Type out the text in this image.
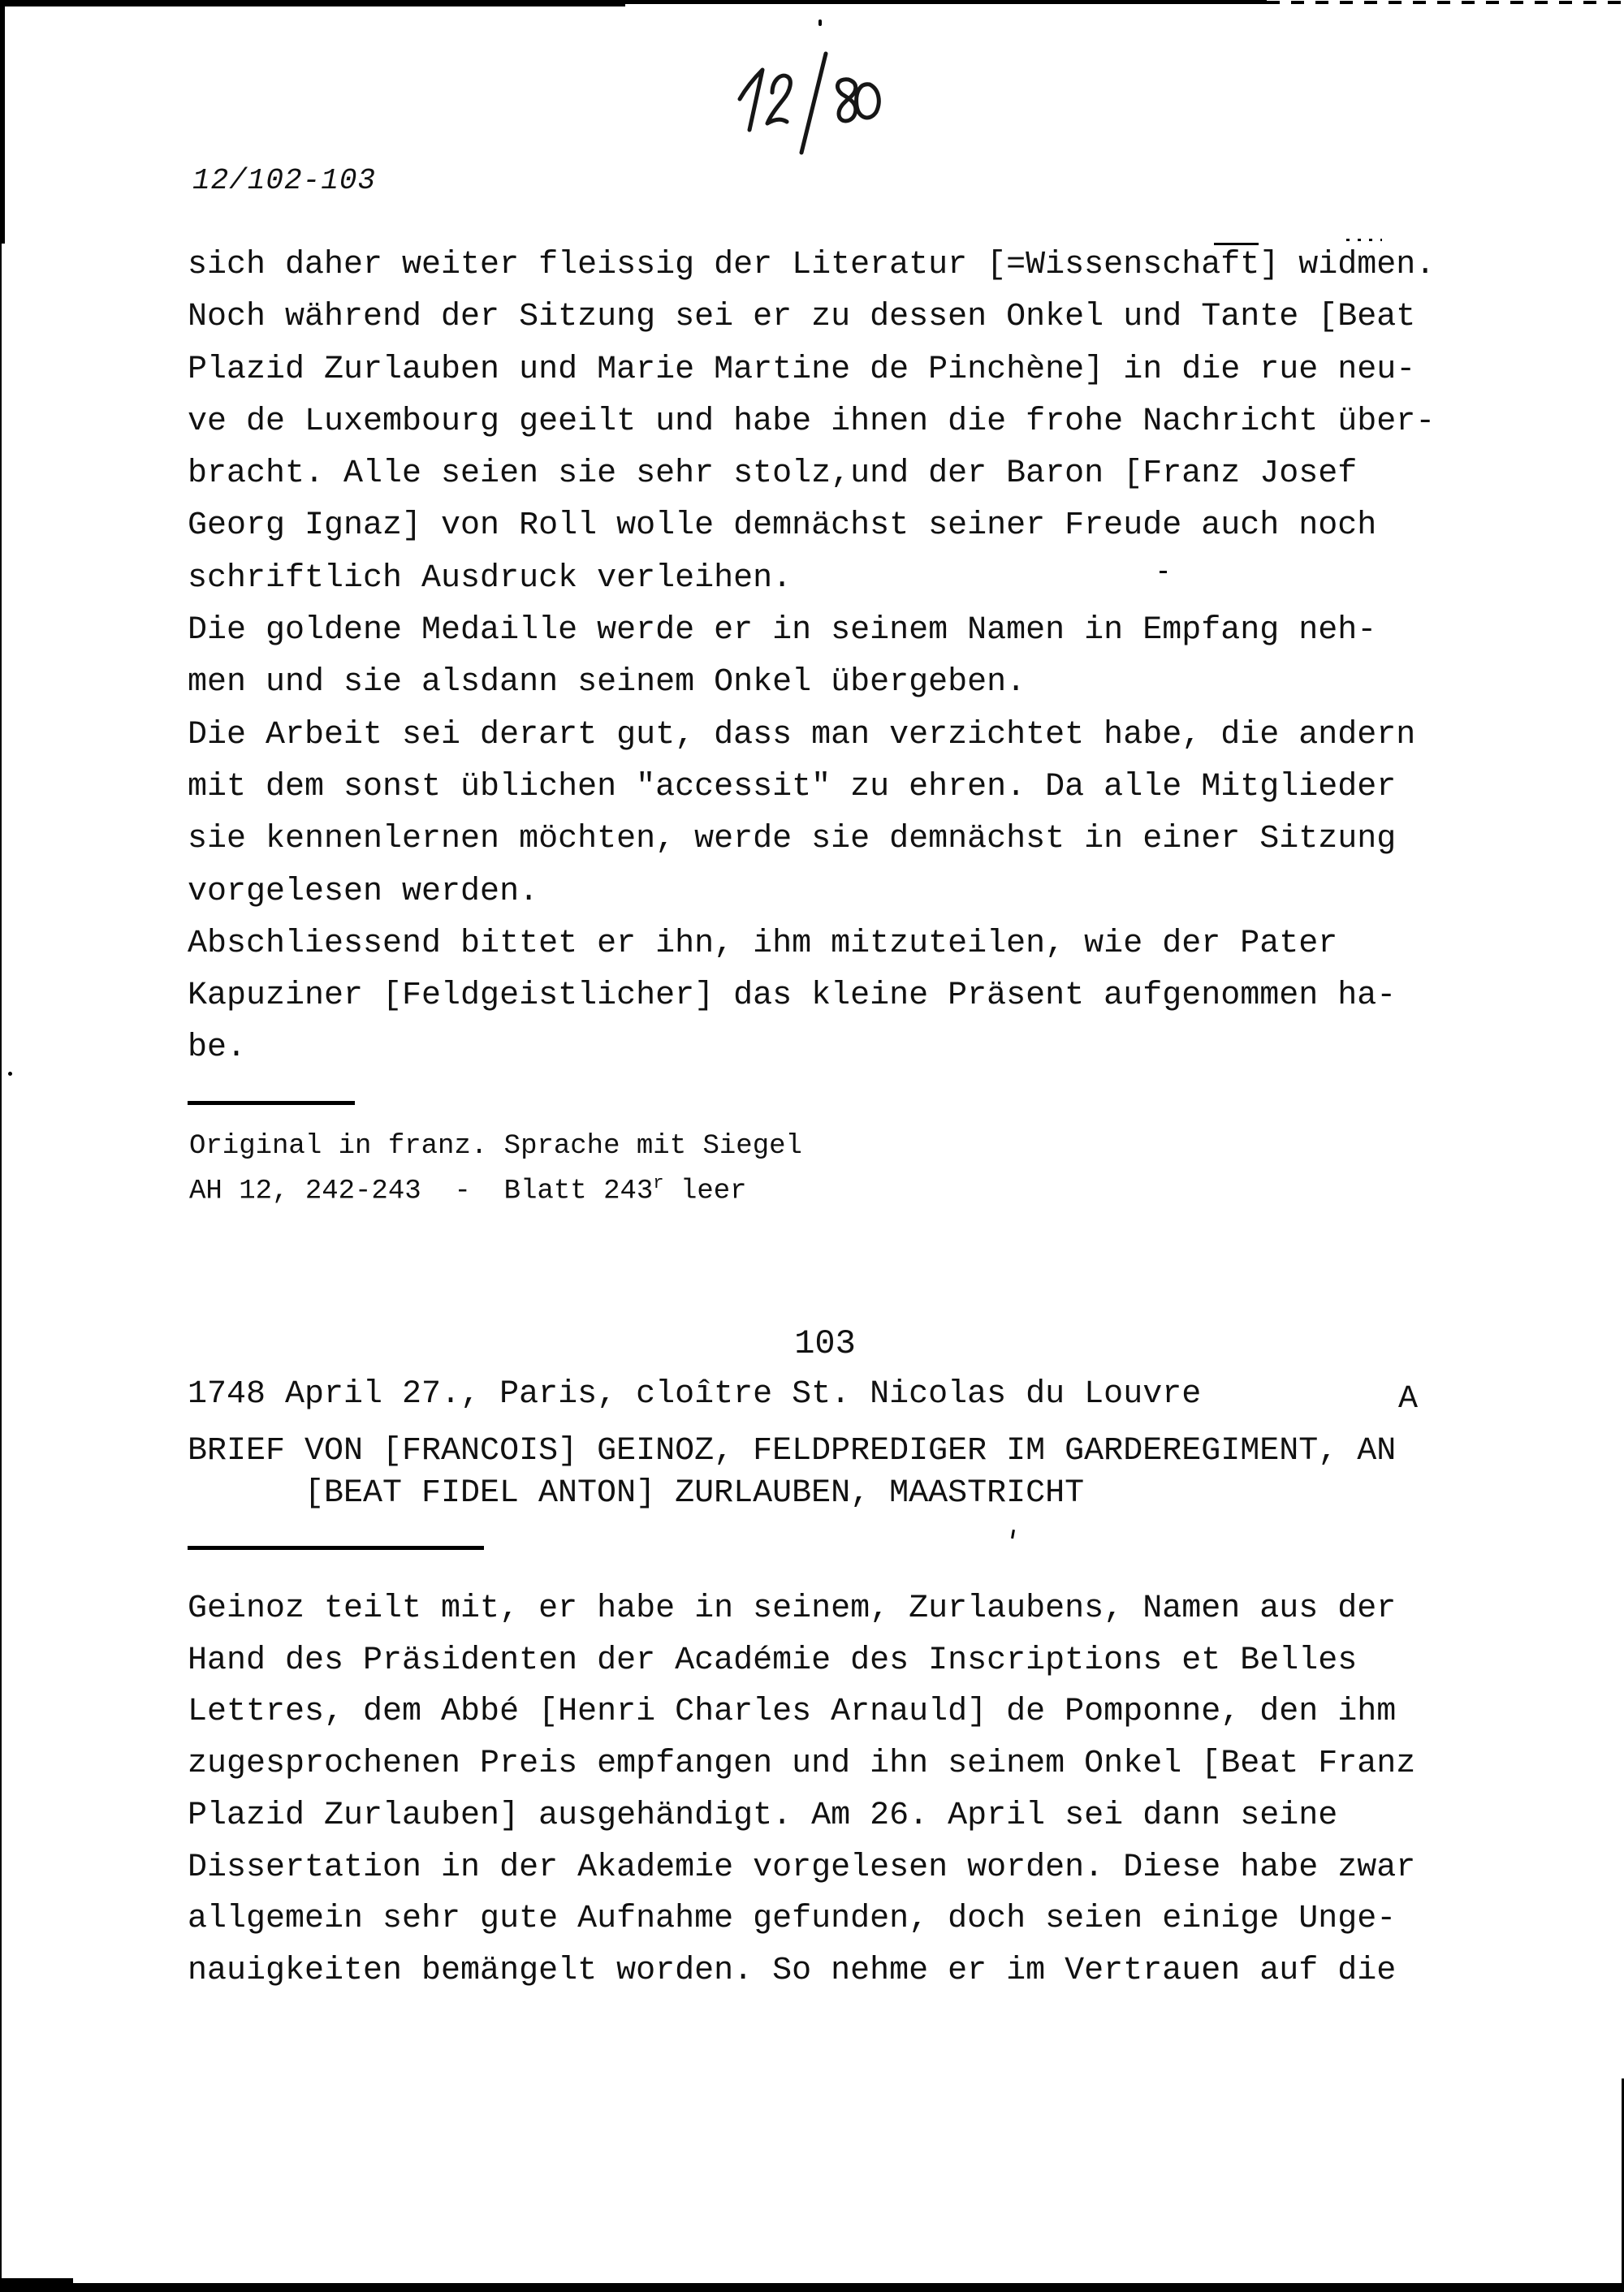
12/102-103
sich daher weiter fleissig der Literatur [=Wissenschaft] widmen.
Noch während der Sitzung sei er zu dessen Onkel und Tante [Beat
Plazid Zurlauben und Marie Martine de Pinchène] in die rue neu-
ve de Luxembourg geeilt und habe ihnen die frohe Nachricht über-
bracht. Alle seien sie sehr stolz,und der Baron [Franz Josef
Georg Ignaz] von Roll wolle demnächst seiner Freude auch noch
schriftlich Ausdruck verleihen.
Die goldene Medaille werde er in seinem Namen in Empfang neh-
men und sie alsdann seinem Onkel übergeben.
Die Arbeit sei derart gut, dass man verzichtet habe, die andern
mit dem sonst üblichen "accessit" zu ehren. Da alle Mitglieder
sie kennenlernen möchten, werde sie demnächst in einer Sitzung
vorgelesen werden.
Abschliessend bittet er ihn, ihm mitzuteilen, wie der Pater
Kapuziner [Feldgeistlicher] das kleine Präsent aufgenommen ha-
be.
Original in franz. Sprache mit Siegel
AH 12, 242-243  -  Blatt 243$^r$ leer
103
1748 April 27., Paris, cloître St. Nicolas du Louvre	A
BRIEF VON [FRANCOIS] GEINOZ, FELDPREDIGER IM GARDEREGIMENT, AN
[BEAT FIDEL ANTON] ZURLAUBEN, MAASTRICHT
Geinoz teilt mit, er habe in seinem, Zurlaubens, Namen aus der
Hand des Präsidenten der Académie des Inscriptions et Belles
Lettres, dem Abbé [Henri Charles Arnauld] de Pomponne, den ihm
zugesprochenen Preis empfangen und ihn seinem Onkel [Beat Franz
Plazid Zurlauben] ausgehändigt. Am 26. April sei dann seine
Dissertation in der Akademie vorgelesen worden. Diese habe zwar
allgemein sehr gute Aufnahme gefunden, doch seien einige Unge-
nauigkeiten bemängelt worden. So nehme er im Vertrauen auf die
